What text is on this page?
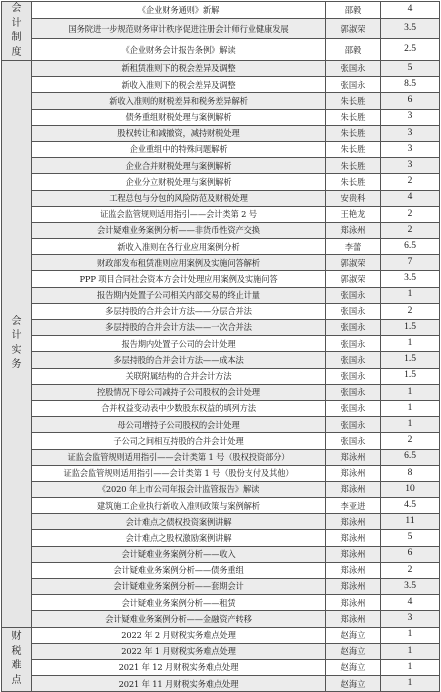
会计制度	《企业财务通则》新解	邵毅	4
	国务院进一步规范财务审计秩序促进注册会计师行业健康发展	郭淑荣	3.5
	《企业财务会计报告条例》解读	邵毅	2.5
会计实务	新租赁准则下的税会差异及调整	张国永	5
	新收入准则下的税会差异及调整	张国永	8.5
	新收入准则的财税差异和税务差异解析	朱长胜	6
	债务重组财税处理与案例解析	朱长胜	3
	股权转让和减撤资，减持财税处理	朱长胜	3
	企业重组中的特殊问题解析	朱长胜	3
	企业合并财税处理与案例解析	朱长胜	3
	企业分立财税处理与案例解析	朱长胜	2
	工程总包与分包的风险防范及财税处理	安贵科	4
	证监会监管规则适用指引——会计类第 2 号	王艳龙	2
	会计疑难业务案例分析——非货币性资产交换	郑泳州	2
	新收入准则在各行业应用案例分析	李蕾	6.5
	财政部发布租赁准则应用案例及实施问答解析	郭淑荣	7
	PPP 项目合同社会资本方会计处理应用案例及实施问答	郭淑荣	3.5
	报告期内处置子公司相关内部交易的终止计量	张国永	1
	多层持股的合并会计方法——分层合并法	张国永	2
	多层持股的合并会计方法——一次合并法	张国永	1.5
	报告期内处置子公司的会计处理	张国永	1
	多层持股的合并会计方法——成本法	张国永	1.5
	关联附属结构的合并会计方法	张国永	1.5
	控股情况下母公司减持子公司股权的会计处理	张国永	1
	合并权益变动表中少数股东权益的填列方法	张国永	1
	母公司增持子公司股权的会计处理	张国永	1
	子公司之间相互持股的合并会计处理	张国永	2
	证监会监管规则适用指引——会计类第 1 号（股权投资部分）	郑泳州	6.5
	证监会监管规则适用指引——会计类第 1 号（股份支付及其他）	郑泳州	8
	《2020 年上市公司年报会计监管报告》解读	郑泳州	10
	建筑施工企业执行新收入准则政策与案例解析	李亚进	4.5
	会计难点之债权投资案例讲解	郑泳州	11
	会计难点之股权激励案例讲解	郑泳州	5
	会计疑难业务案例分析——收入	郑泳州	6
	会计疑难业务案例分析——债务重组	郑泳州	2
	会计疑难业务案例分析——套期会计	郑泳州	3.5
	会计疑难业务案例分析——租赁	郑泳州	4
	会计疑难业务案例分析——金融资产转移	郑泳州	3
财税难点	2022 年 2 月财税实务难点处理	赵海立	1
	2022 年 1 月财税实务难点处理	赵海立	1
	2021 年 12 月财税实务难点处理	赵海立	1
	2021 年 11 月财税实务难点处理	赵海立	1
